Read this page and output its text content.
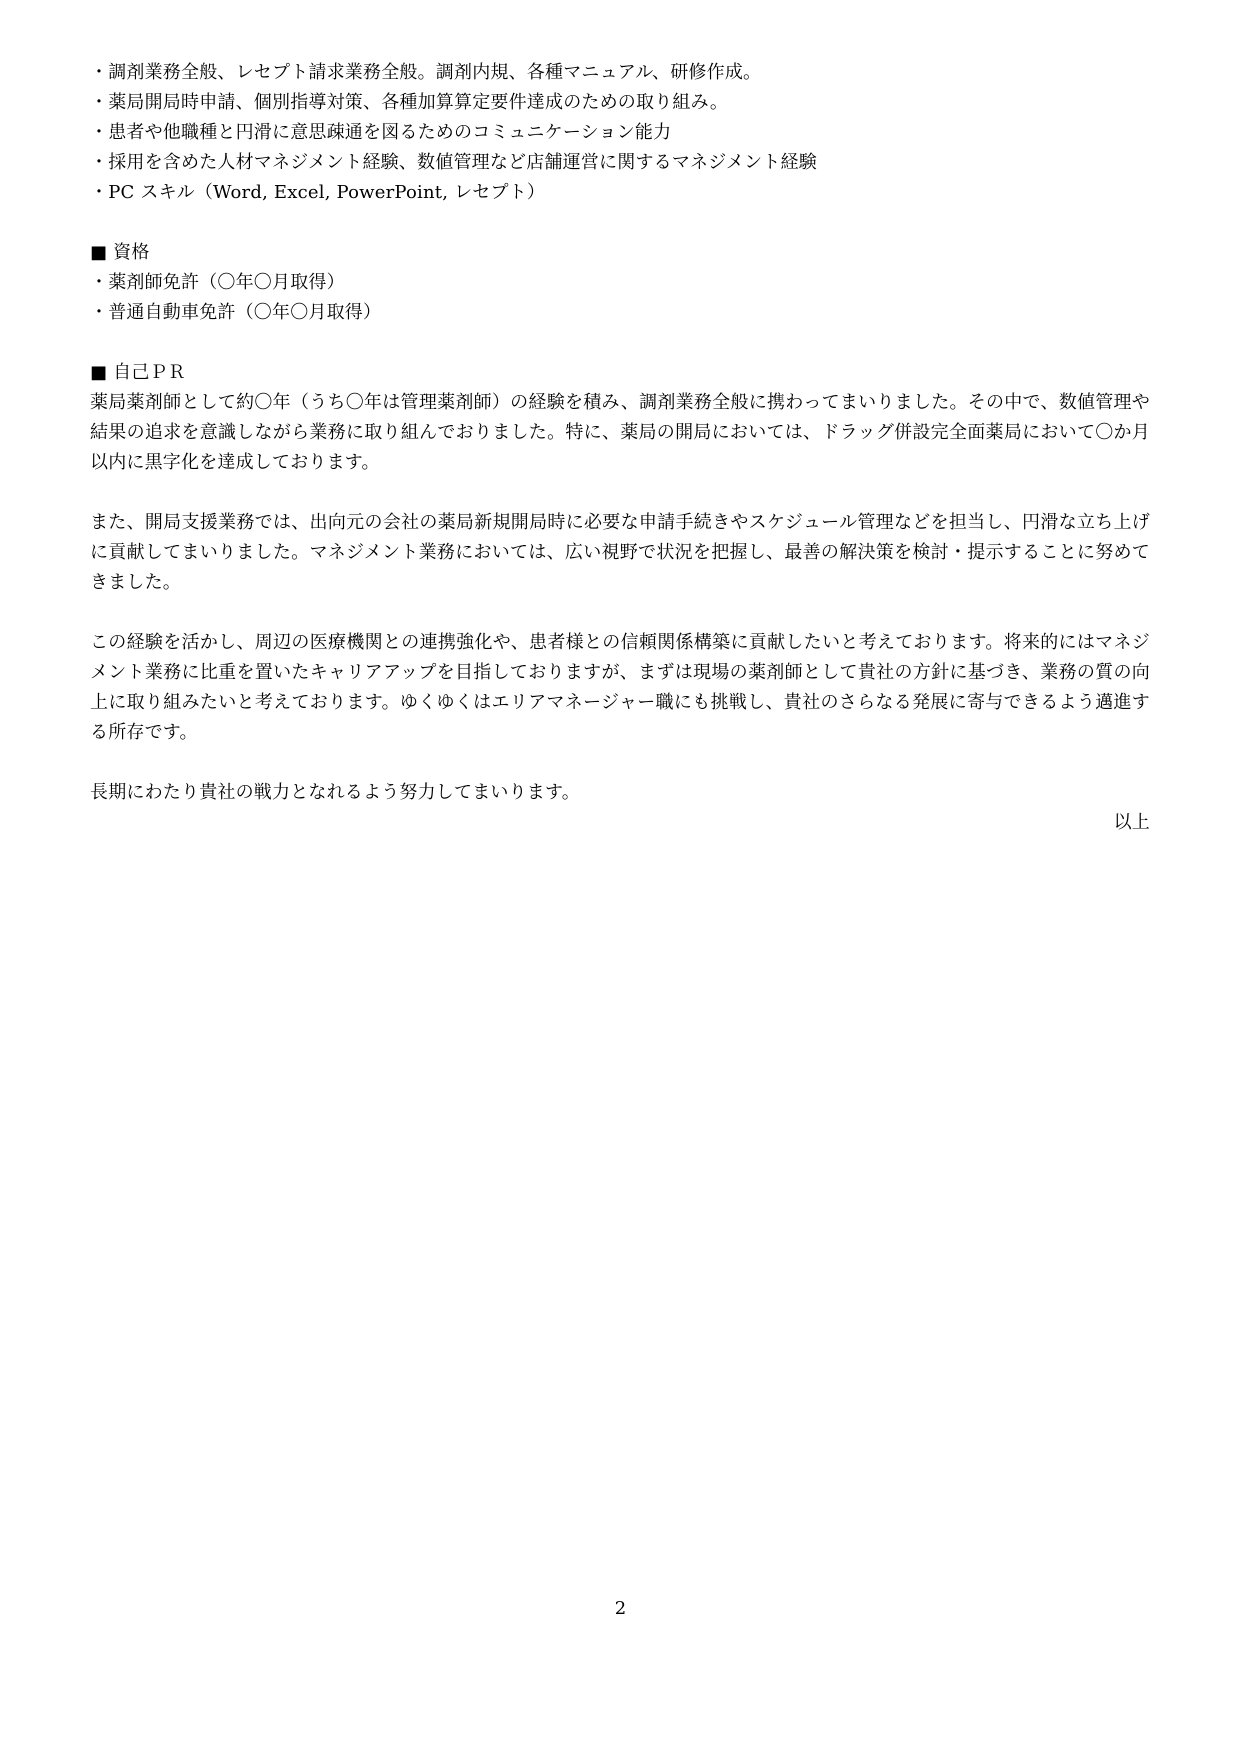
・調剤業務全般、レセプト請求業務全般。調剤内規、各種マニュアル、研修作成。
・薬局開局時申請、個別指導対策、各種加算算定要件達成のための取り組み。
・患者や他職種と円滑に意思疎通を図るためのコミュニケーション能力
・採用を含めた人材マネジメント経験、数値管理など店舗運営に関するマネジメント経験
・PC スキル（Word, Excel, PowerPoint, レセプト）
■ 資格
・薬剤師免許（〇年〇月取得）
・普通自動車免許（〇年〇月取得）
■ 自己ＰＲ

薬局薬剤師として約〇年（うち〇年は管理薬剤師）の経験を積み、調剤業務全般に携わってまいりました。その中で、数値管理や結果の追求を意識しながら業務に取り組んでおりました。特に、薬局の開局においては、ドラッグ併設完全面薬局において〇か月以内に黒字化を達成しております。

また、開局支援業務では、出向元の会社の薬局新規開局時に必要な申請手続きやスケジュール管理などを担当し、円滑な立ち上げに貢献してまいりました。マネジメント業務においては、広い視野で状況を把握し、最善の解決策を検討・提示することに努めてきました。

この経験を活かし、周辺の医療機関との連携強化や、患者様との信頼関係構築に貢献したいと考えております。将来的にはマネジメント業務に比重を置いたキャリアアップを目指しておりますが、まずは現場の薬剤師として貴社の方針に基づき、業務の質の向上に取り組みたいと考えております。ゆくゆくはエリアマネージャー職にも挑戦し、貴社のさらなる発展に寄与できるよう邁進する所存です。

長期にわたり貴社の戦力となれるよう努力してまいります。

以上
2
